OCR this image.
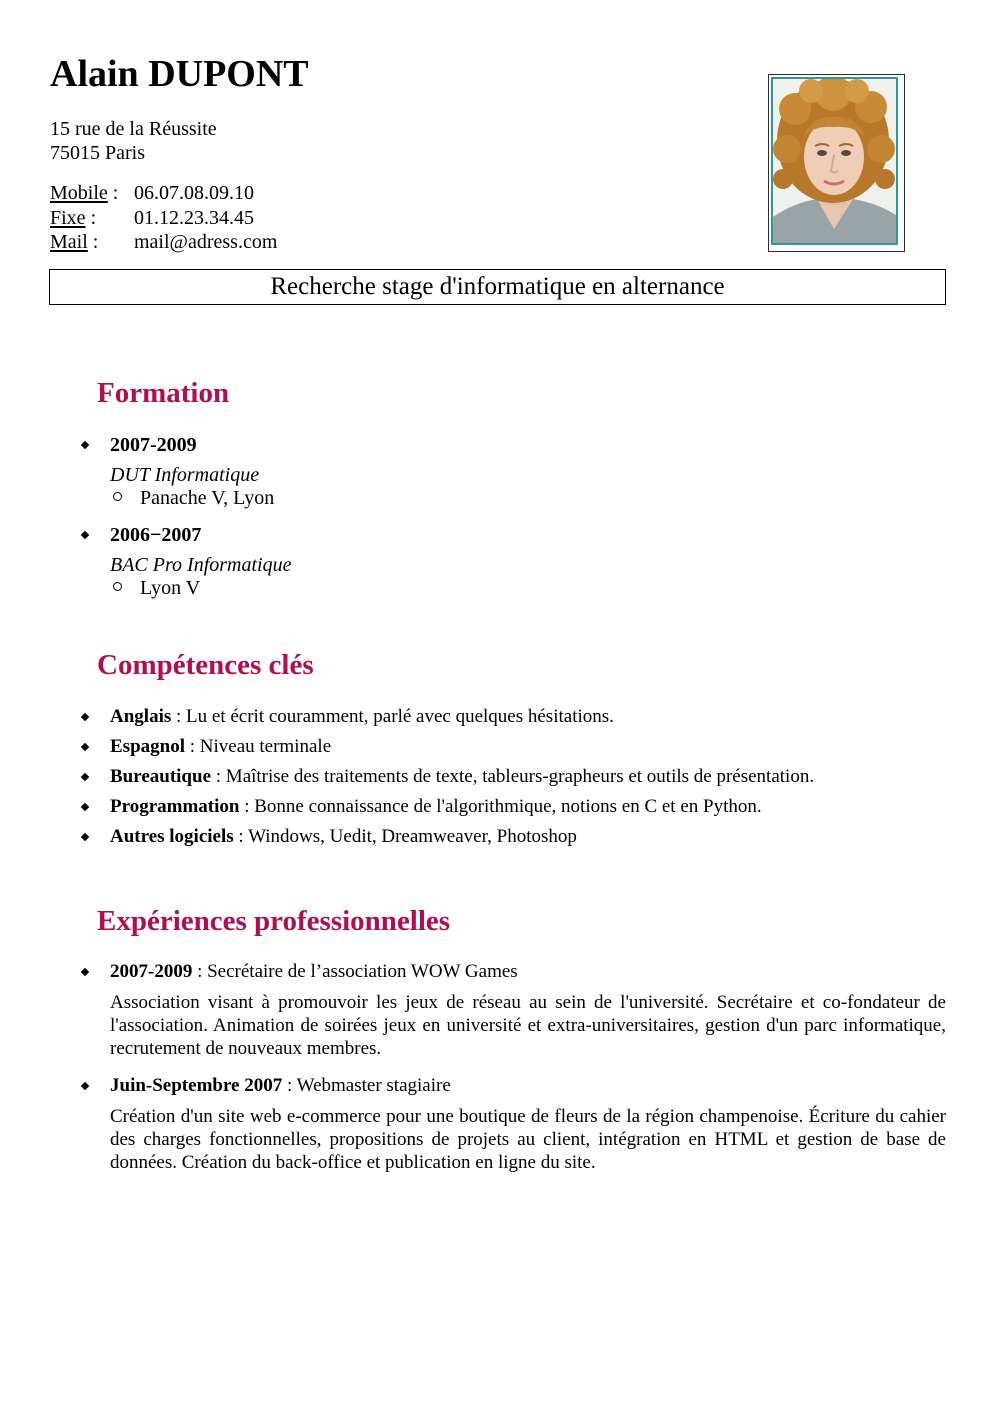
Alain DUPONT
15 rue de la Réussite
75015 Paris
Mobile : 06.07.08.09.10
Fixe :	01.12.23.34.45
Mail :	mail@adress.com
Recherche stage d'informatique en alternance
Formation
2007-2009
DUT Informatique
Panache V, Lyon
2006−2007
BAC Pro Informatique
Lyon V
Compétences clés
Anglais : Lu et écrit couramment, parlé avec quelques hésitations.
Espagnol : Niveau terminale
Bureautique : Maîtrise des traitements de texte, tableurs-grapheurs et outils de présentation.
Programmation : Bonne connaissance de l'algorithmique, notions en C et en Python.
Autres logiciels : Windows, Uedit, Dreamweaver, Photoshop
Expériences professionnelles
2007-2009 : Secrétaire de l’association WOW Games
Association visant à promouvoir les jeux de réseau au sein de l'université. Secrétaire et co-fondateur de l'association. Animation de soirées jeux en université et extra-universitaires, gestion d'un parc informatique, recrutement de nouveaux membres.
Juin-Septembre 2007 : Webmaster stagiaire
Création d'un site web e-commerce pour une boutique de fleurs de la région champenoise. Écriture du cahier des charges fonctionnelles, propositions de projets au client, intégration en HTML et gestion de base de données. Création du back-office et publication en ligne du site.
